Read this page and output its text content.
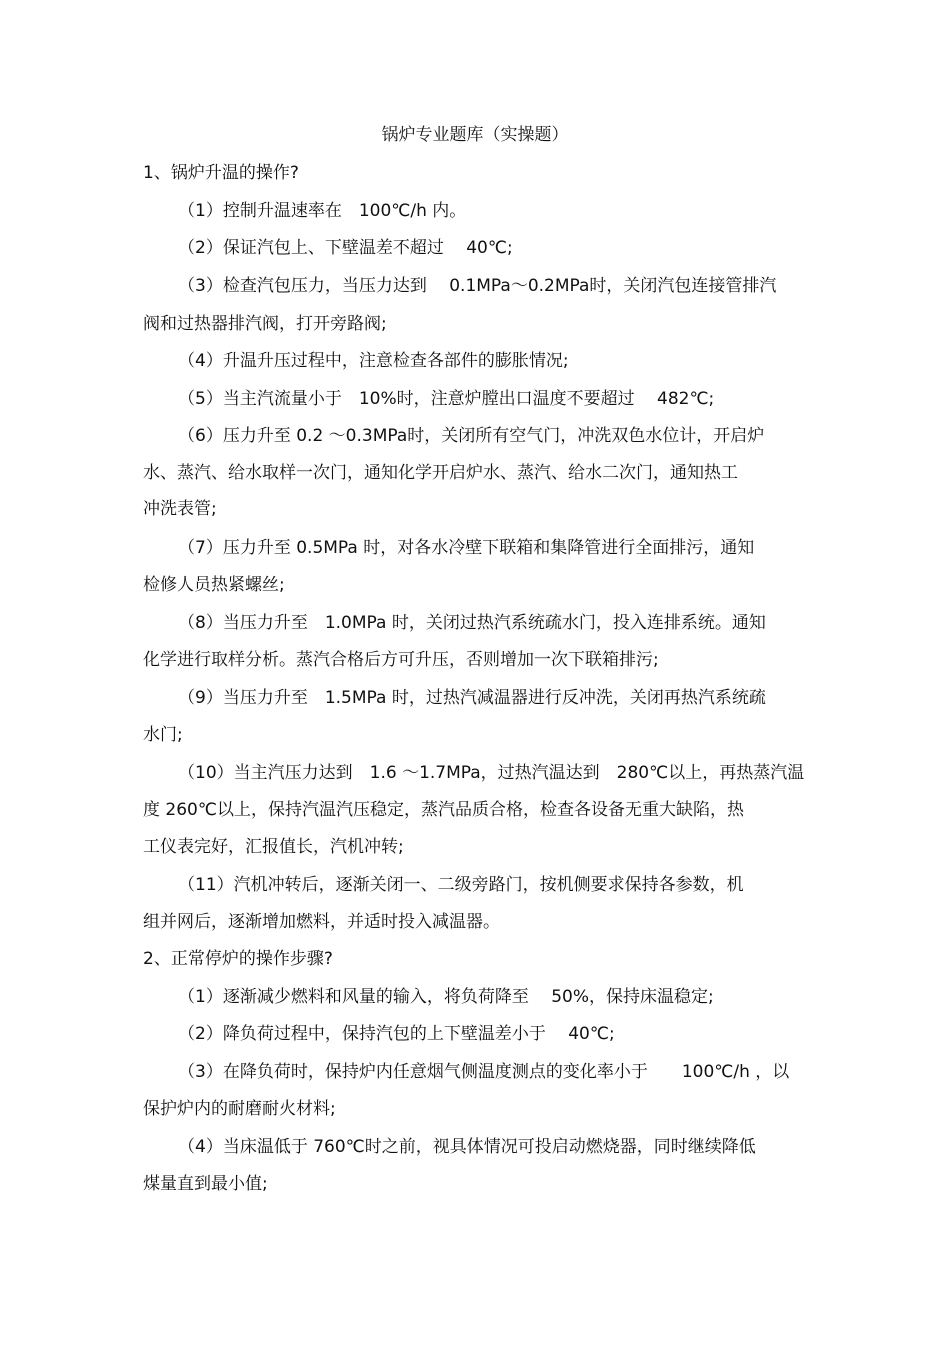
锅炉专业题库（实操题）
1、锅炉升温的操作?
（1）控制升温速率在　100℃/h 内。
（2）保证汽包上、下壁温差不超过　 40℃;
（3）检查汽包压力，当压力达到　 0.1MPa～0.2MPa时，关闭汽包连接管排汽
阀和过热器排汽阀，打开旁路阀;
（4）升温升压过程中，注意检查各部件的膨胀情况;
（5）当主汽流量小于　10%时，注意炉膛出口温度不要超过　 482℃;
（6）压力升至 0.2 ～0.3MPa时，关闭所有空气门，冲洗双色水位计，开启炉
水、蒸汽、给水取样一次门，通知化学开启炉水、蒸汽、给水二次门，通知热工
冲洗表管;
（7）压力升至 0.5MPa 时，对各水冷壁下联箱和集降管进行全面排污，通知
检修人员热紧螺丝;
（8）当压力升至　1.0MPa 时，关闭过热汽系统疏水门，投入连排系统。通知
化学进行取样分析。蒸汽合格后方可升压，否则增加一次下联箱排污;
（9）当压力升至　1.5MPa 时，过热汽减温器进行反冲洗，关闭再热汽系统疏
水门;
（10）当主汽压力达到　1.6 ～1.7MPa，过热汽温达到　280℃以上，再热蒸汽温
度 260℃以上，保持汽温汽压稳定，蒸汽品质合格，检查各设备无重大缺陷，热
工仪表完好，汇报值长，汽机冲转;
（11）汽机冲转后，逐渐关闭一、二级旁路门，按机侧要求保持各参数，机
组并网后，逐渐增加燃料，并适时投入减温器。
2、正常停炉的操作步骤?
（1）逐渐减少燃料和风量的输入，将负荷降至　 50%，保持床温稳定;
（2）降负荷过程中，保持汽包的上下壁温差小于　 40℃;
（3）在降负荷时，保持炉内任意烟气侧温度测点的变化率小于　　100℃/h ，以
保护炉内的耐磨耐火材料;
（4）当床温低于 760℃时之前，视具体情况可投启动燃烧器，同时继续降低
煤量直到最小值;
